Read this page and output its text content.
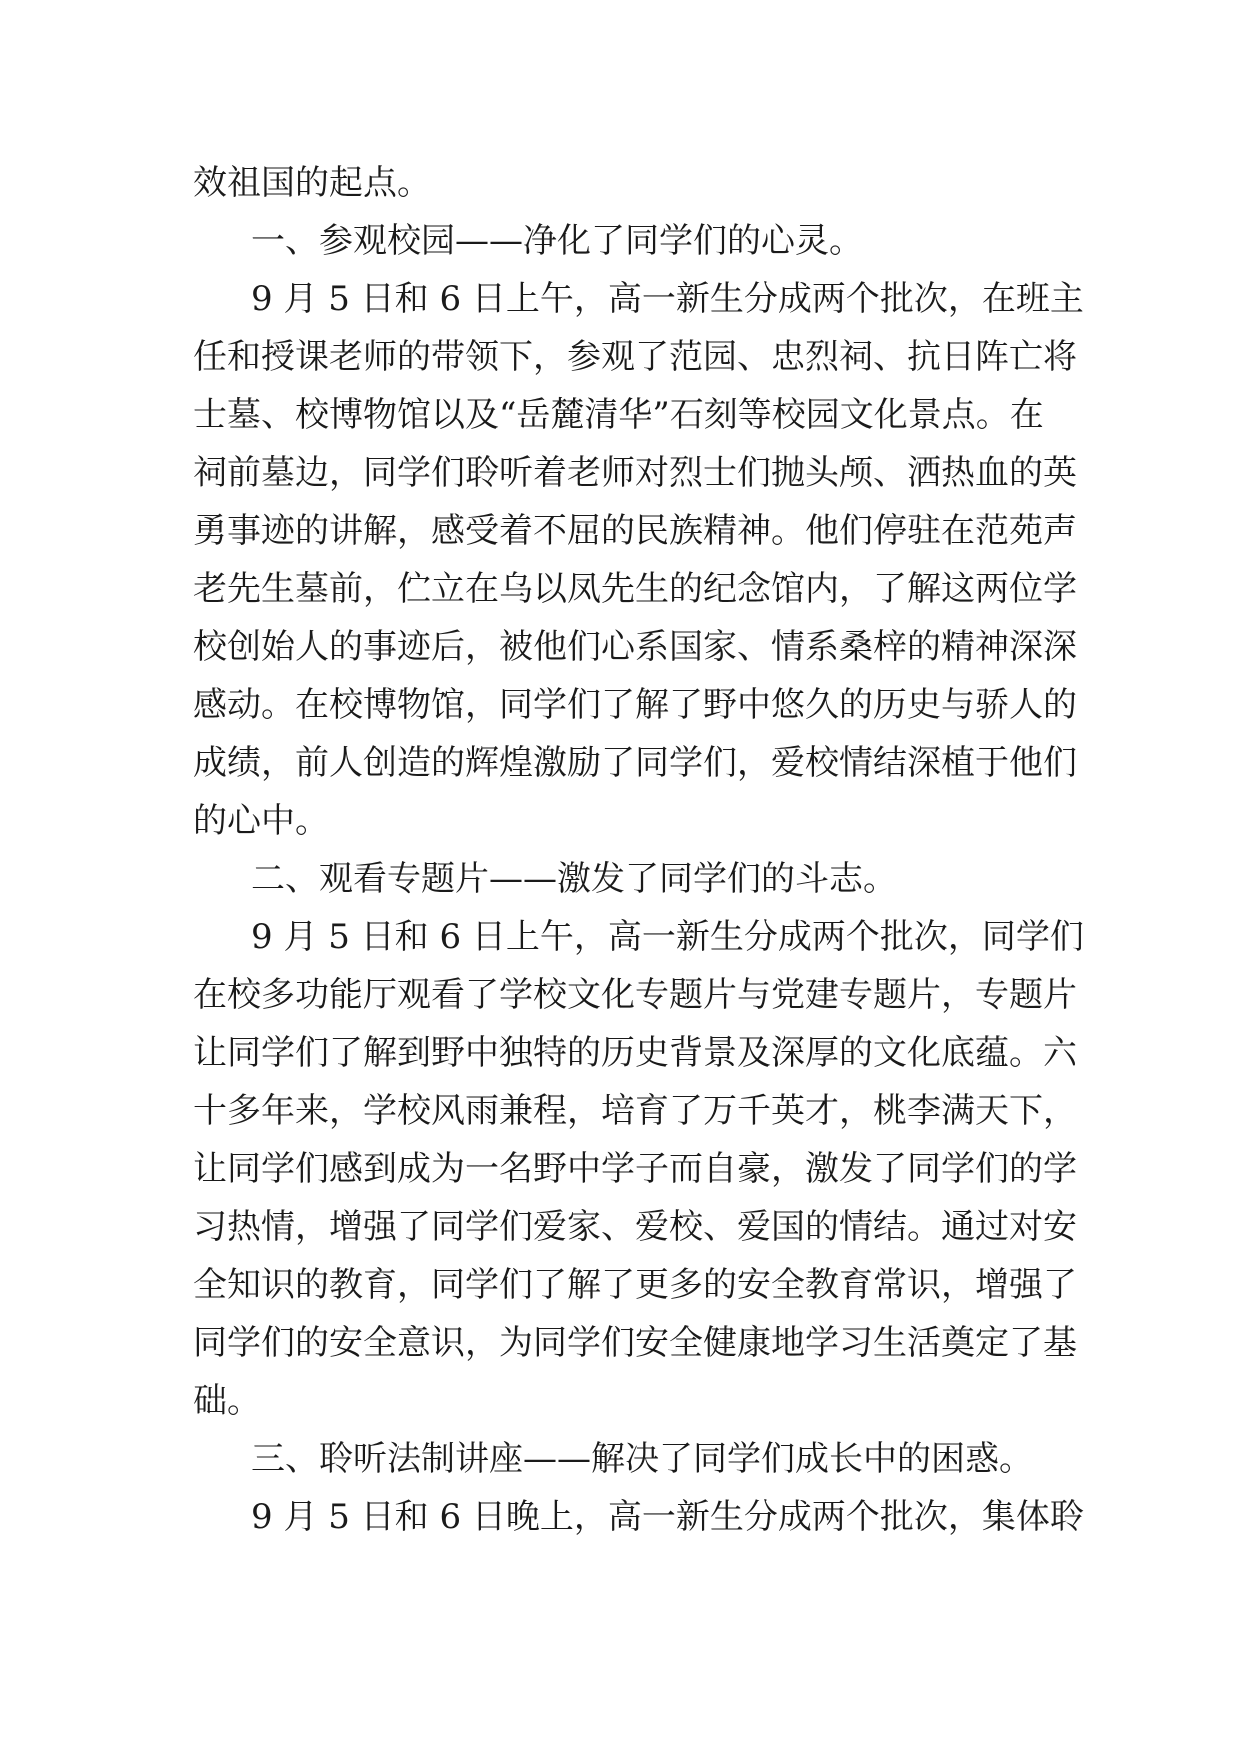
效祖国的起点。
一、参观校园——净化了同学们的心灵。
9 月 5 日和 6 日上午，高一新生分成两个批次，在班主
任和授课老师的带领下，参观了范园、忠烈祠、抗日阵亡将
士墓、校博物馆以及“岳麓清华”石刻等校园文化景点。在
祠前墓边，同学们聆听着老师对烈士们抛头颅、洒热血的英
勇事迹的讲解，感受着不屈的民族精神。他们停驻在范苑声
老先生墓前，伫立在乌以凤先生的纪念馆内，了解这两位学
校创始人的事迹后，被他们心系国家、情系桑梓的精神深深
感动。在校博物馆，同学们了解了野中悠久的历史与骄人的
成绩，前人创造的辉煌激励了同学们，爱校情结深植于他们
的心中。
二、观看专题片——激发了同学们的斗志。
9 月 5 日和 6 日上午，高一新生分成两个批次，同学们
在校多功能厅观看了学校文化专题片与党建专题片，专题片
让同学们了解到野中独特的历史背景及深厚的文化底蕴。六
十多年来，学校风雨兼程，培育了万千英才，桃李满天下，
让同学们感到成为一名野中学子而自豪，激发了同学们的学
习热情，增强了同学们爱家、爱校、爱国的情结。通过对安
全知识的教育，同学们了解了更多的安全教育常识，增强了
同学们的安全意识，为同学们安全健康地学习生活奠定了基
础。
三、聆听法制讲座——解决了同学们成长中的困惑。
9 月 5 日和 6 日晚上，高一新生分成两个批次，集体聆
